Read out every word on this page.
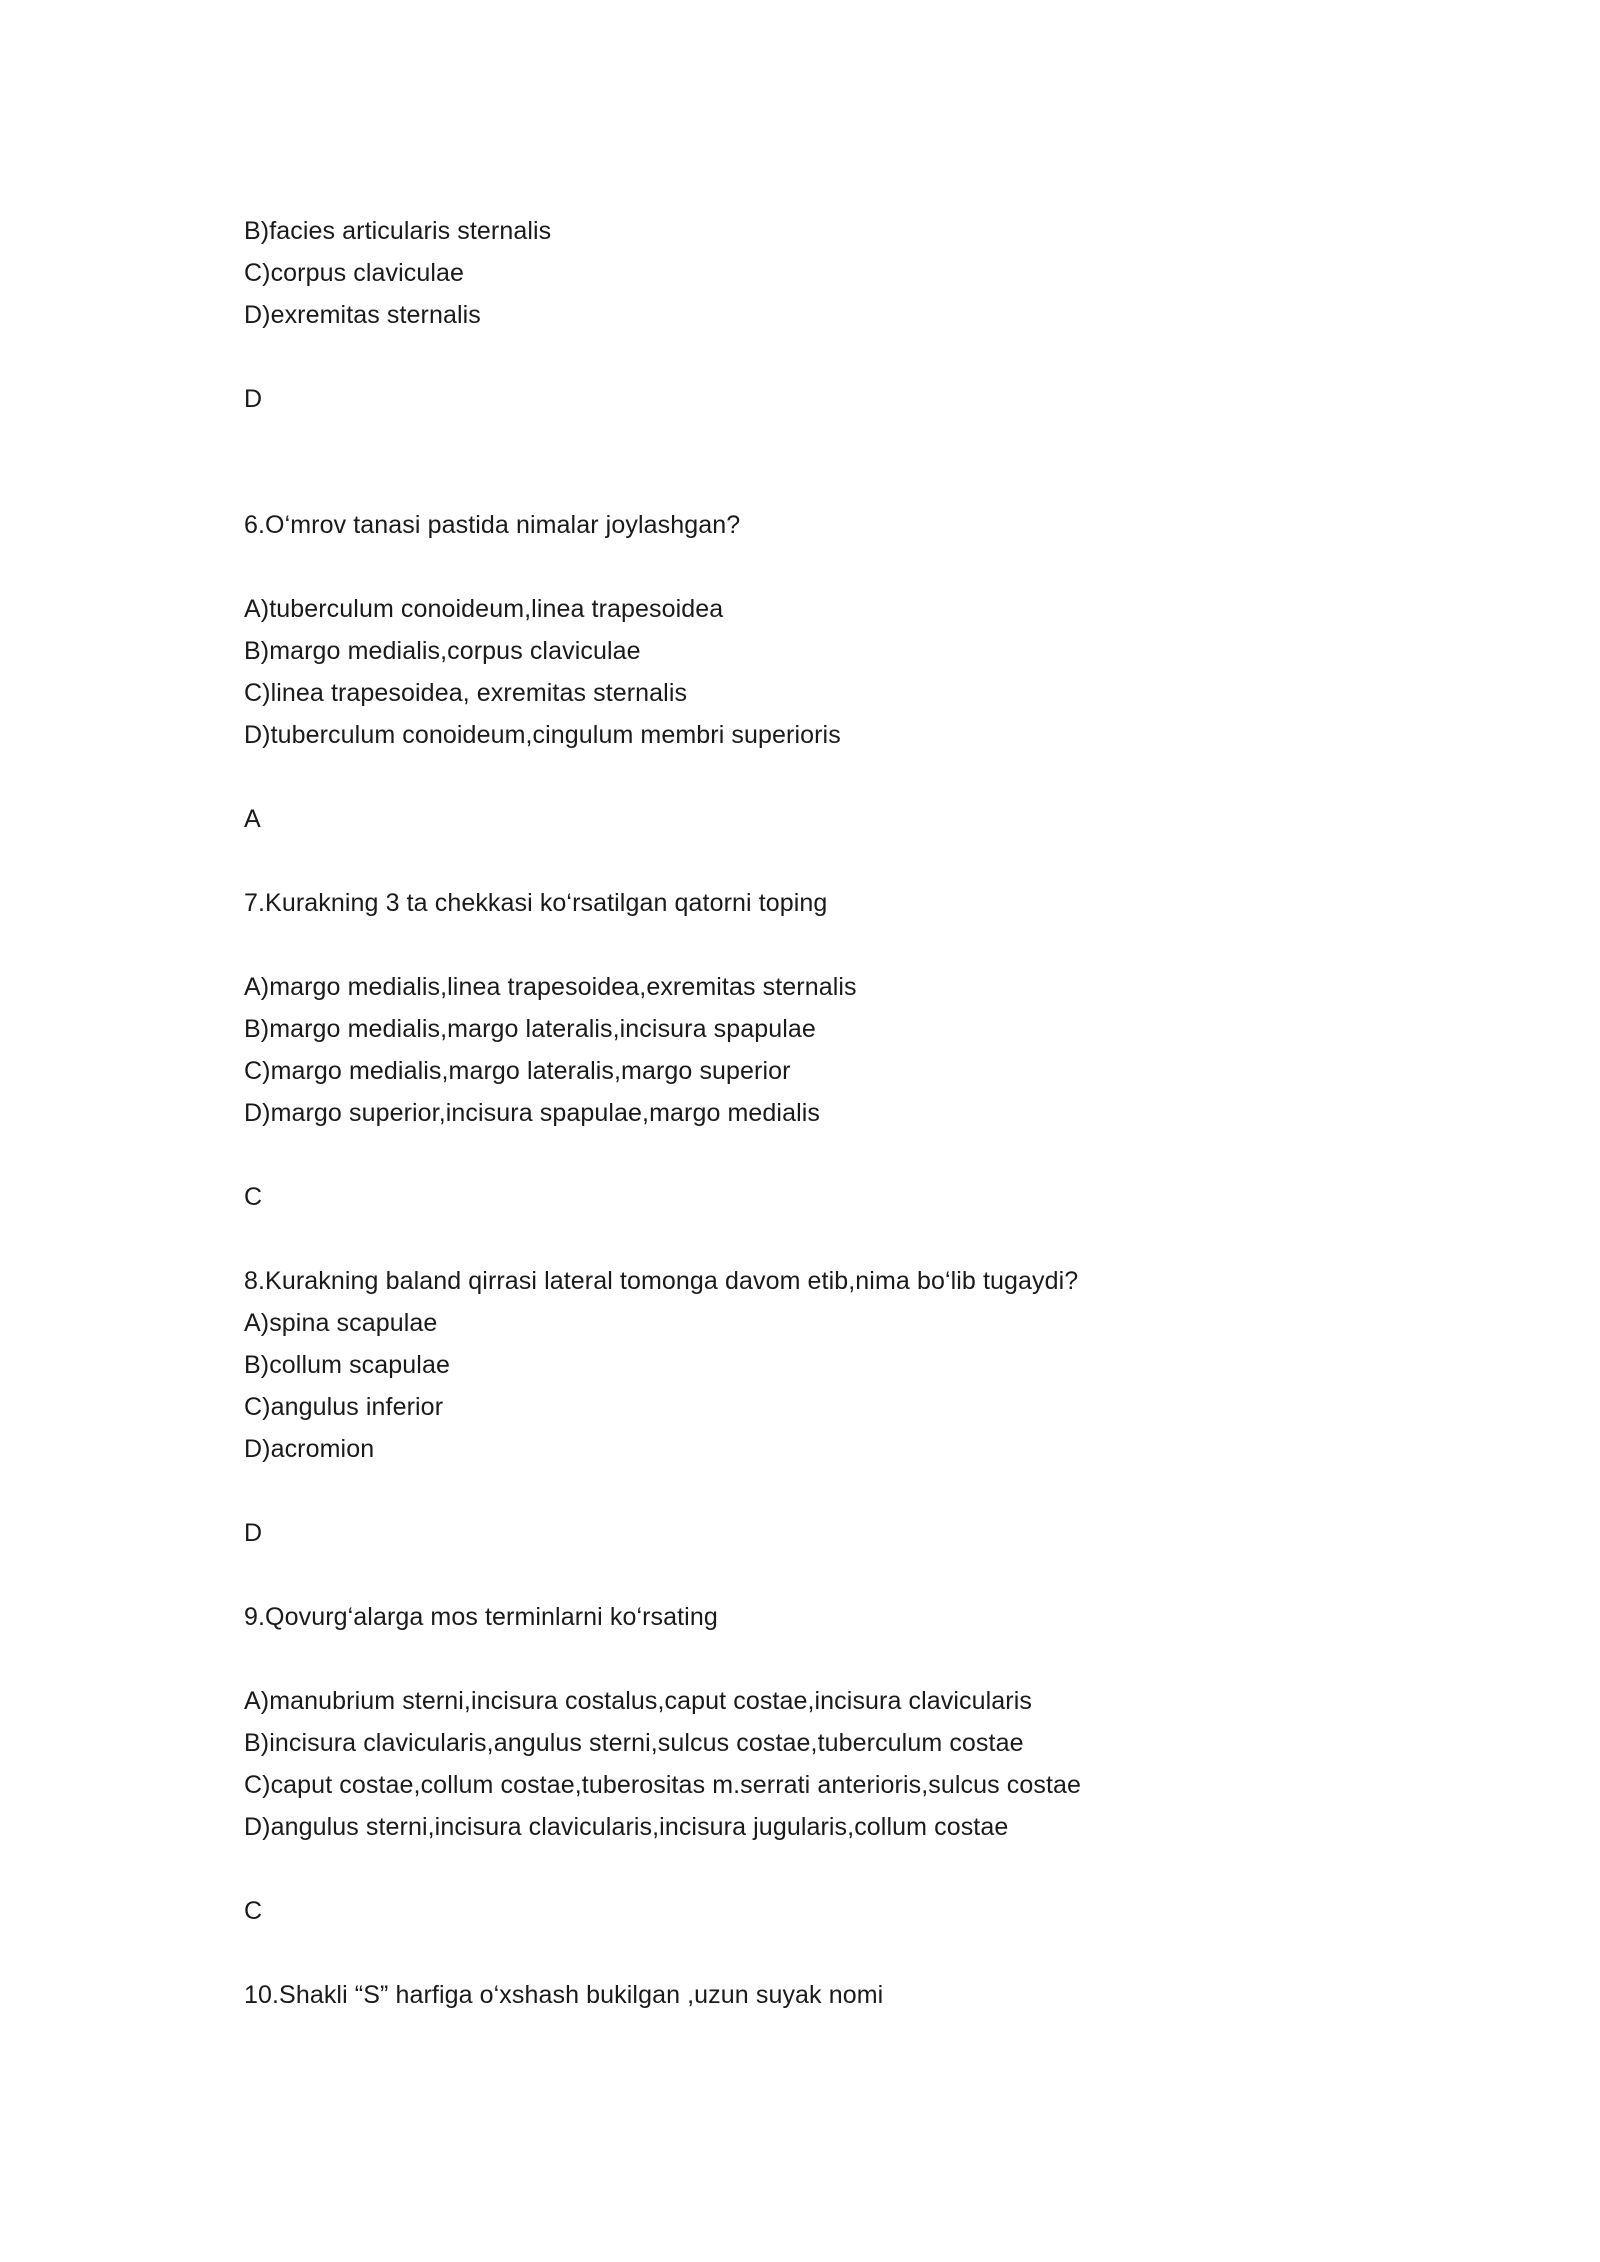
B)facies articularis sternalis
C)corpus claviculae
D)exremitas sternalis
D
6.O‘mrov tanasi pastida nimalar joylashgan?
A)tuberculum conoideum,linea trapesoidea
B)margo medialis,corpus claviculae
C)linea trapesoidea, exremitas sternalis
D)tuberculum conoideum,cingulum membri superioris
A
7.Kurakning 3 ta chekkasi ko‘rsatilgan qatorni toping
A)margo medialis,linea trapesoidea,exremitas sternalis
B)margo medialis,margo lateralis,incisura spapulae
C)margo medialis,margo lateralis,margo superior
D)margo superior,incisura spapulae,margo medialis
C
8.Kurakning baland qirrasi lateral tomonga davom etib,nima bo‘lib tugaydi?
A)spina scapulae
B)collum scapulae
C)angulus inferior
D)acromion
D
9.Qovurg‘alarga mos terminlarni ko‘rsating
A)manubrium sterni,incisura costalus,caput costae,incisura clavicularis
B)incisura clavicularis,angulus sterni,sulcus costae,tuberculum costae
C)caput costae,collum costae,tuberositas m.serrati anterioris,sulcus costae
D)angulus sterni,incisura clavicularis,incisura jugularis,collum costae
C
10.Shakli “S” harfiga o‘xshash bukilgan ,uzun suyak nomi
